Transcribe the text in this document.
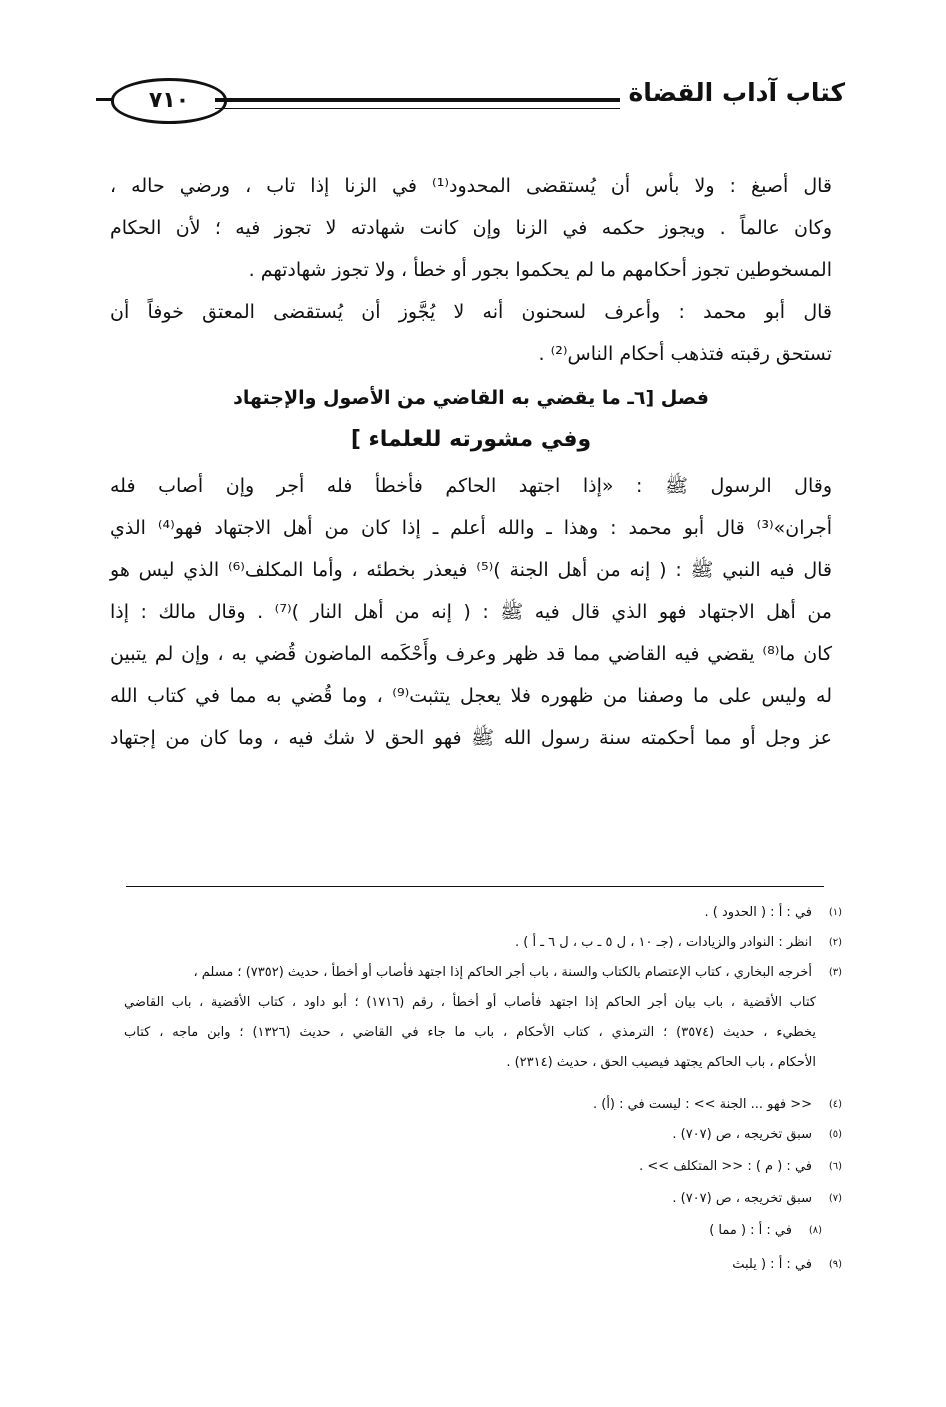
كتاب آداب القضاة
٧١٠
قال أصبغ : ولا بأس أن يُستقضى المحدود⁽¹⁾ في الزنا إذا تاب ، ورضي حاله ،
وكان عالماً . ويجوز حكمه في الزنا وإن كانت شهادته لا تجوز فيه ؛ لأن الحكام
المسخوطين تجوز أحكامهم ما لم يحكموا بجور أو خطأ ، ولا تجوز شهادتهم .
قال أبو محمد : وأعرف لسحنون أنه لا يُجَّوز أن يُستقضى المعتق خوفاً أن
تستحق رقبته فتذهب أحكام الناس⁽²⁾ .
فصل [٦ـ ما يقضي به القاضي من الأصول والإجتهاد
وفي مشورته للعلماء ]
وقال الرسول ﷺ : «إذا اجتهد الحاكم فأخطأ فله أجر وإن أصاب فله
أجران»⁽³⁾ قال أبو محمد : وهذا ـ والله أعلم ـ إذا كان من أهل الاجتهاد فهو⁽⁴⁾ الذي
قال فيه النبي ﷺ : ( إنه من أهل الجنة )⁽⁵⁾ فيعذر بخطئه ، وأما المكلف⁽⁶⁾ الذي ليس هو
من أهل الاجتهاد فهو الذي قال فيه ﷺ : ( إنه من أهل النار )⁽⁷⁾ . وقال مالك : إذا
كان ما⁽⁸⁾ يقضي فيه القاضي مما قد ظهر وعرف وأَحْكَمه الماضون قُضي به ، وإن لم يتبين
له وليس على ما وصفنا من ظهوره فلا يعجل يتثبت⁽⁹⁾ ، وما قُضي به مما في كتاب الله
عز وجل أو مما أحكمته سنة رسول الله ﷺ فهو الحق لا شك فيه ، وما كان من إجتهاد
(١)في : أ : ( الحدود ) .
(٢)انظر : النوادر والزيادات ، (جـ ١٠ ، ل ٥ ـ ب ، ل ٦ ـ أ ) .
(٣)أخرجه البخاري ، كتاب الإعتصام بالكتاب والسنة ، باب أجر الحاكم إذا اجتهد فأصاب أو أخطأ ، حديث (٧٣٥٢) ؛ مسلم ،
كتاب الأقضية ، باب بيان أجر الحاكم إذا اجتهد فأصاب أو أخطأ ، رقم (١٧١٦) ؛ أبو داود ، كتاب الأقضية ، باب القاضي
يخطيء ، حديث (٣٥٧٤) ؛ الترمذي ، كتاب الأحكام ، باب ما جاء في القاضي ، حديث (١٣٢٦) ؛ وابن ماجه ، كتاب
الأحكام ، باب الحاكم يجتهد فيصيب الحق ، حديث (٢٣١٤) .
(٤)<< فهو ... الجنة >> : ليست في : (أ) .
(٥)سبق تخريجه ، ص (٧٠٧) .
(٦)في : ( م ) : << المتكلف >> .
(٧)سبق تخريجه ، ص (٧٠٧) .
(٨)في : أ : ( مما )
(٩)في : أ : ( يلبث
